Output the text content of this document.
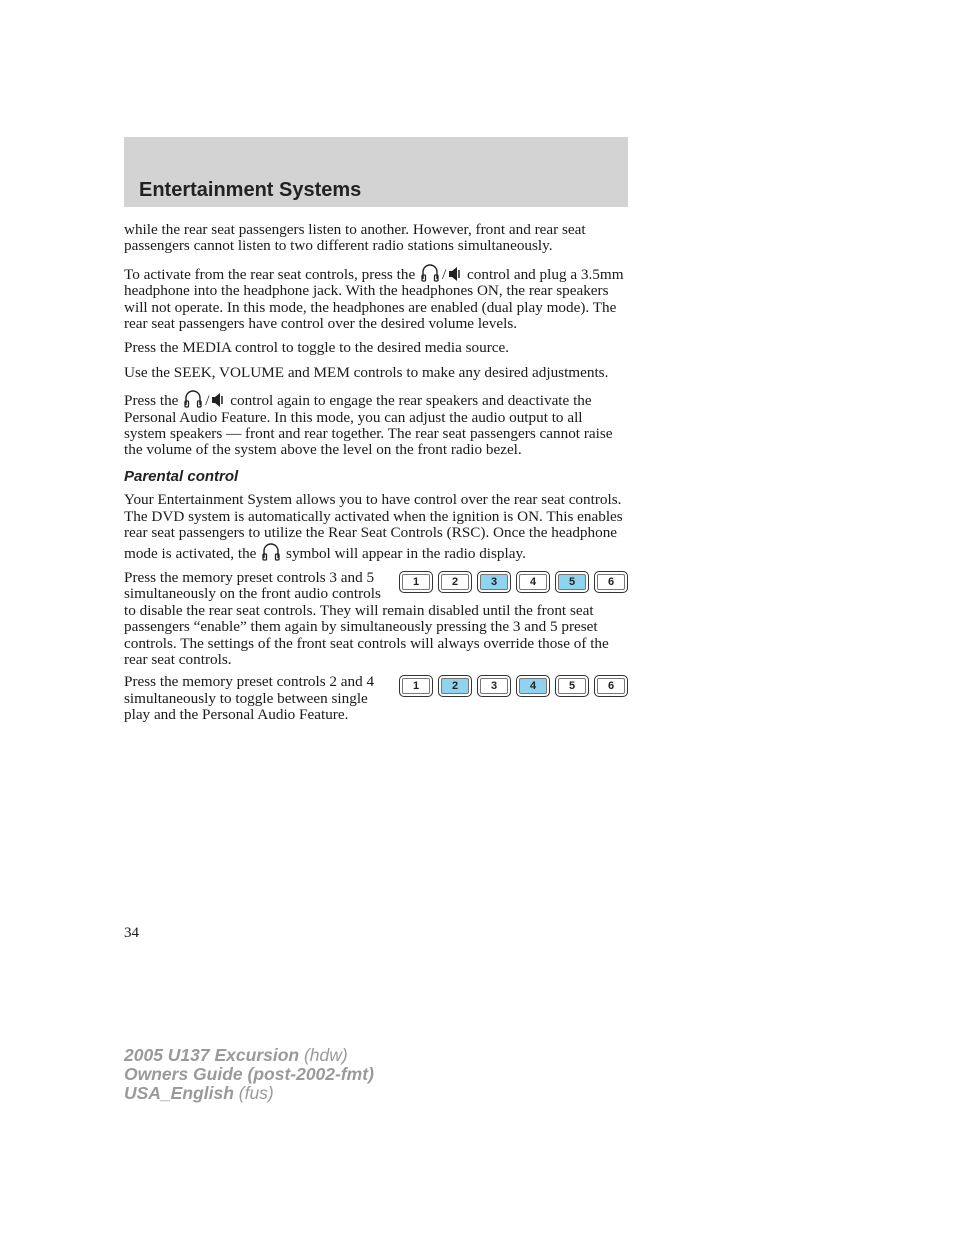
Entertainment Systems

while the rear seat passengers listen to another. However, front and rear seat passengers cannot listen to two different radio stations simultaneously.

To activate from the rear seat controls, press the / control and plug a 3.5mm headphone into the headphone jack. With the headphones ON, the rear speakers will not operate. In this mode, the headphones are enabled (dual play mode). The rear seat passengers have control over the desired volume levels.

Press the MEDIA control to toggle to the desired media source.

Use the SEEK, VOLUME and MEM controls to make any desired adjustments.

Press the / control again to engage the rear speakers and deactivate the Personal Audio Feature. In this mode, you can adjust the audio output to all system speakers — front and rear together. The rear seat passengers cannot raise the volume of the system above the level on the front radio bezel.

Parental control

Your Entertainment System allows you to have control over the rear seat controls. The DVD system is automatically activated when the ignition is ON. This enables rear seat passengers to utilize the Rear Seat Controls (RSC). Once the headphone mode is activated, the symbol will appear in the radio display.

1	2	3	4	5	6

Press the memory preset controls 3 and 5 simultaneously on the front audio controls to disable the rear seat controls. They will remain disabled until the front seat passengers “enable” them again by simultaneously pressing the 3 and 5 preset controls. The settings of the front seat controls will always override those of the rear seat controls.

1	2	3	4	5	6

Press the memory preset controls 2 and 4 simultaneously to toggle between single play and the Personal Audio Feature.

34
2005 U137 Excursion (hdw)
Owners Guide (post-2002-fmt)
USA_English (fus)
